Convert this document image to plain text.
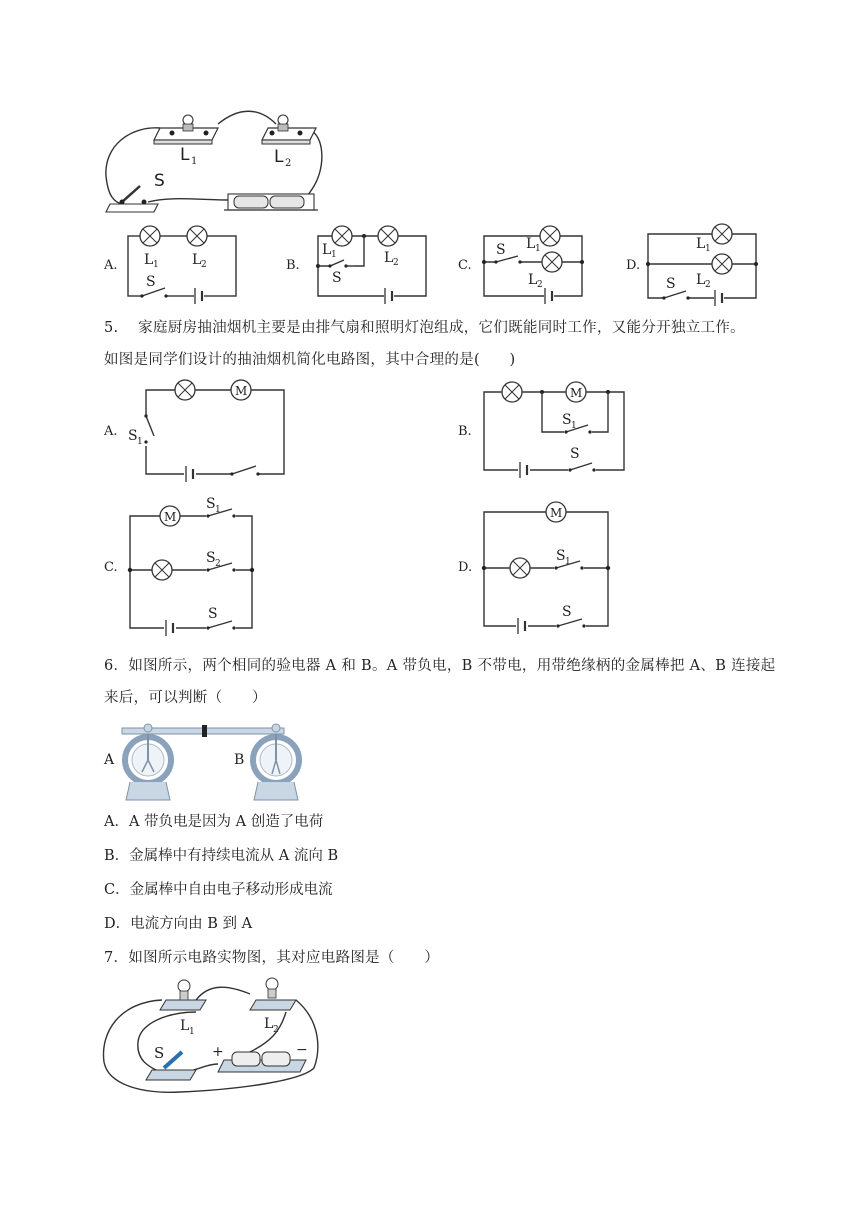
L 1	L 2
S
A. L 1 L 2
S
B.
L 1	L 2
S
C.
L 1
L 2
S
D.
L 1
L 2
S
5.　 家庭厨房抽油烟机主要是由排气扇和照明灯泡组成，它们既能同时工作，又能分开独立工作。
如图是同学们设计的抽油烟机简化电路图，其中合理的是(　　)
A.
M
S 1
B.
M
S 1
S
C.
M
S 1
S 2
S
D.
M
S 1
S
6．如图所示，两个相同的验电器 A 和 B。A 带负电，B 不带电，用带绝缘柄的金属棒把 A、B 连接起
来后，可以判断（　　）
A	B
A．A 带负电是因为 A 创造了电荷
B．金属棒中有持续电流从 A 流向 B
C．金属棒中自由电子移动形成电流
D．电流方向由 B 到 A
7．如图所示电路实物图，其对应电路图是（　　）
L 1	L 2
S	+	−
